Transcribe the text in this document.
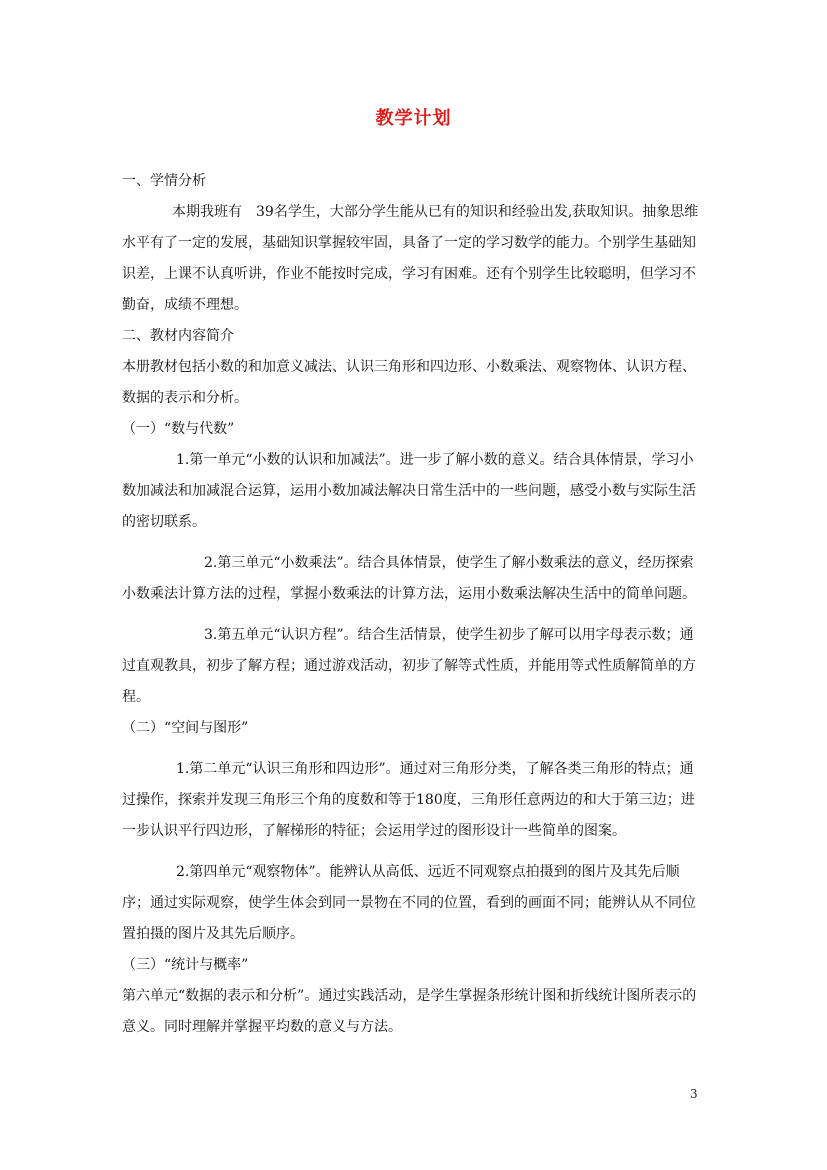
教学计划

一、学情分析

本期我班有　39名学生，大部分学生能从已有的知识和经验出发,获取知识。抽象思维水平有了一定的发展，基础知识掌握较牢固，具备了一定的学习数学的能力。个别学生基础知识差，上课不认真听讲，作业不能按时完成，学习有困难。还有个别学生比较聪明，但学习不勤奋，成绩不理想。

二、教材内容简介

本册教材包括小数的和加意义减法、认识三角形和四边形、小数乘法、观察物体、认识方程、数据的表示和分析。

（一）“数与代数”

1.第一单元“小数的认识和加减法”。进一步了解小数的意义。结合具体情景，学习小数加减法和加减混合运算，运用小数加减法解决日常生活中的一些问题，感受小数与实际生活的密切联系。

2.第三单元“小数乘法”。结合具体情景，使学生了解小数乘法的意义，经历探索小数乘法计算方法的过程，掌握小数乘法的计算方法，运用小数乘法解决生活中的简单问题。

3.第五单元“认识方程”。结合生活情景，使学生初步了解可以用字母表示数；通过直观教具，初步了解方程；通过游戏活动，初步了解等式性质，并能用等式性质解简单的方程。

（二）“空间与图形”

1.第二单元“认识三角形和四边形”。通过对三角形分类，了解各类三角形的特点；通过操作，探索并发现三角形三个角的度数和等于180度，三角形任意两边的和大于第三边；进一步认识平行四边形，了解梯形的特征；会运用学过的图形设计一些简单的图案。

2.第四单元“观察物体”。能辨认从高低、远近不同观察点拍摄到的图片及其先后顺序；通过实际观察，使学生体会到同一景物在不同的位置，看到的画面不同；能辨认从不同位置拍摄的图片及其先后顺序。

（三）“统计与概率”

第六单元“数据的表示和分析”。通过实践活动，是学生掌握条形统计图和折线统计图所表示的意义。同时理解并掌握平均数的意义与方法。

3
